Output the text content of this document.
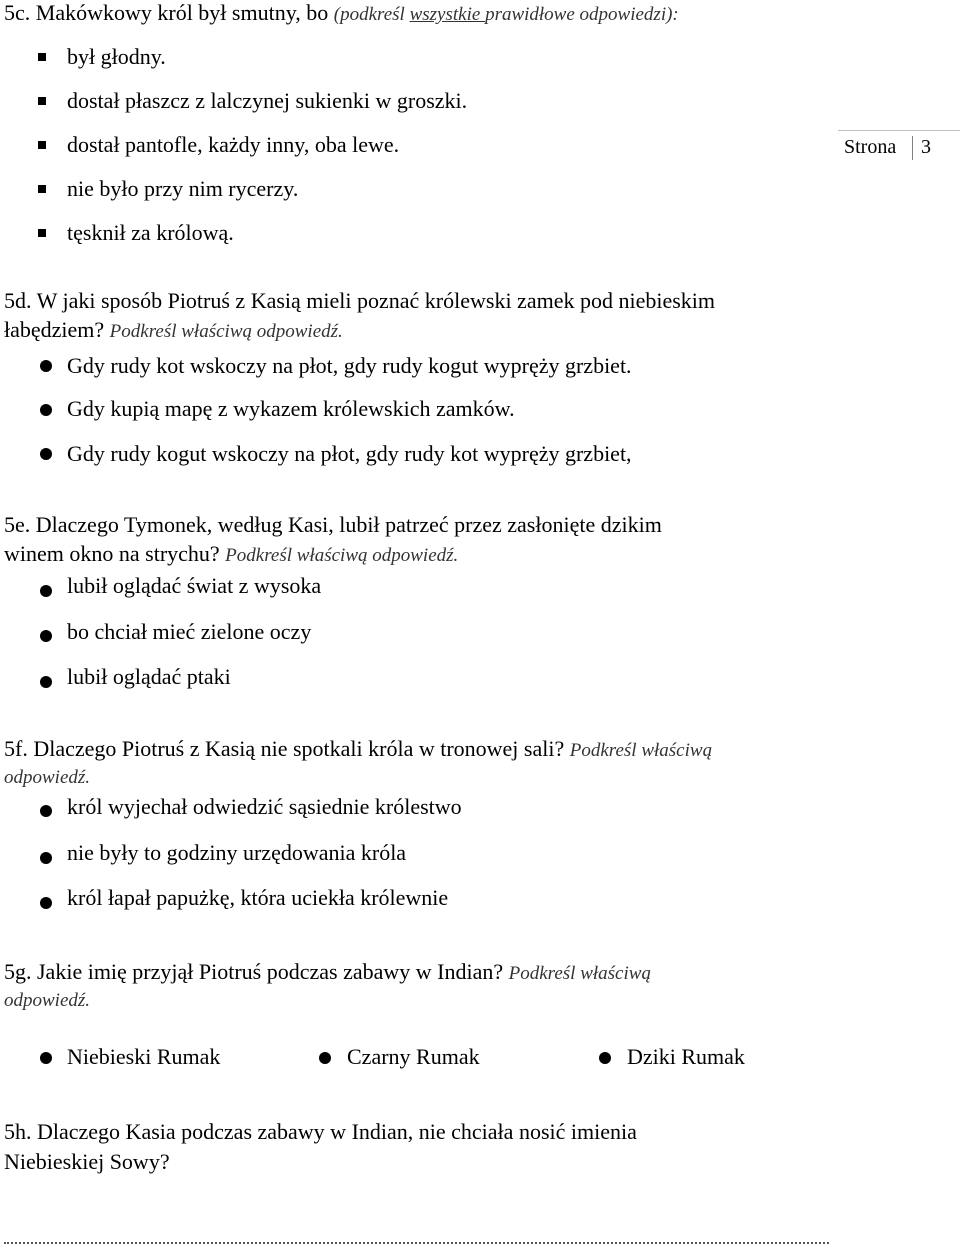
Strona 3
5c. Makówkowy król był smutny, bo (podkreśl wszystkie prawidłowe odpowiedzi):
był głodny.
dostał płaszcz z lalczynej sukienki w groszki.
dostał pantofle, każdy inny, oba lewe.
nie było przy nim rycerzy.
tęsknił za królową.
5d. W jaki sposób Piotruś z Kasią mieli poznać królewski zamek pod niebieskim
łabędziem? Podkreśl właściwą odpowiedź.
Gdy rudy kot wskoczy na płot, gdy rudy kogut wypręży grzbiet.
Gdy kupią mapę z wykazem królewskich zamków.
Gdy rudy kogut wskoczy na płot, gdy rudy kot wypręży grzbiet,
5e. Dlaczego Tymonek, według Kasi, lubił patrzeć przez zasłonięte dzikim
winem okno na strychu? Podkreśl właściwą odpowiedź.
lubił oglądać świat z wysoka
bo chciał mieć zielone oczy
lubił oglądać ptaki
5f. Dlaczego Piotruś z Kasią nie spotkali króla w tronowej sali? Podkreśl właściwą
odpowiedź.
król wyjechał odwiedzić sąsiednie królestwo
nie były to godziny urzędowania króla
król łapał papużkę, która uciekła królewnie
5g. Jakie imię przyjął Piotruś podczas zabawy w Indian? Podkreśl właściwą
odpowiedź.
Niebieski Rumak	Czarny Rumak	Dziki Rumak
5h. Dlaczego Kasia podczas zabawy w Indian, nie chciała nosić imienia
Niebieskiej Sowy?
